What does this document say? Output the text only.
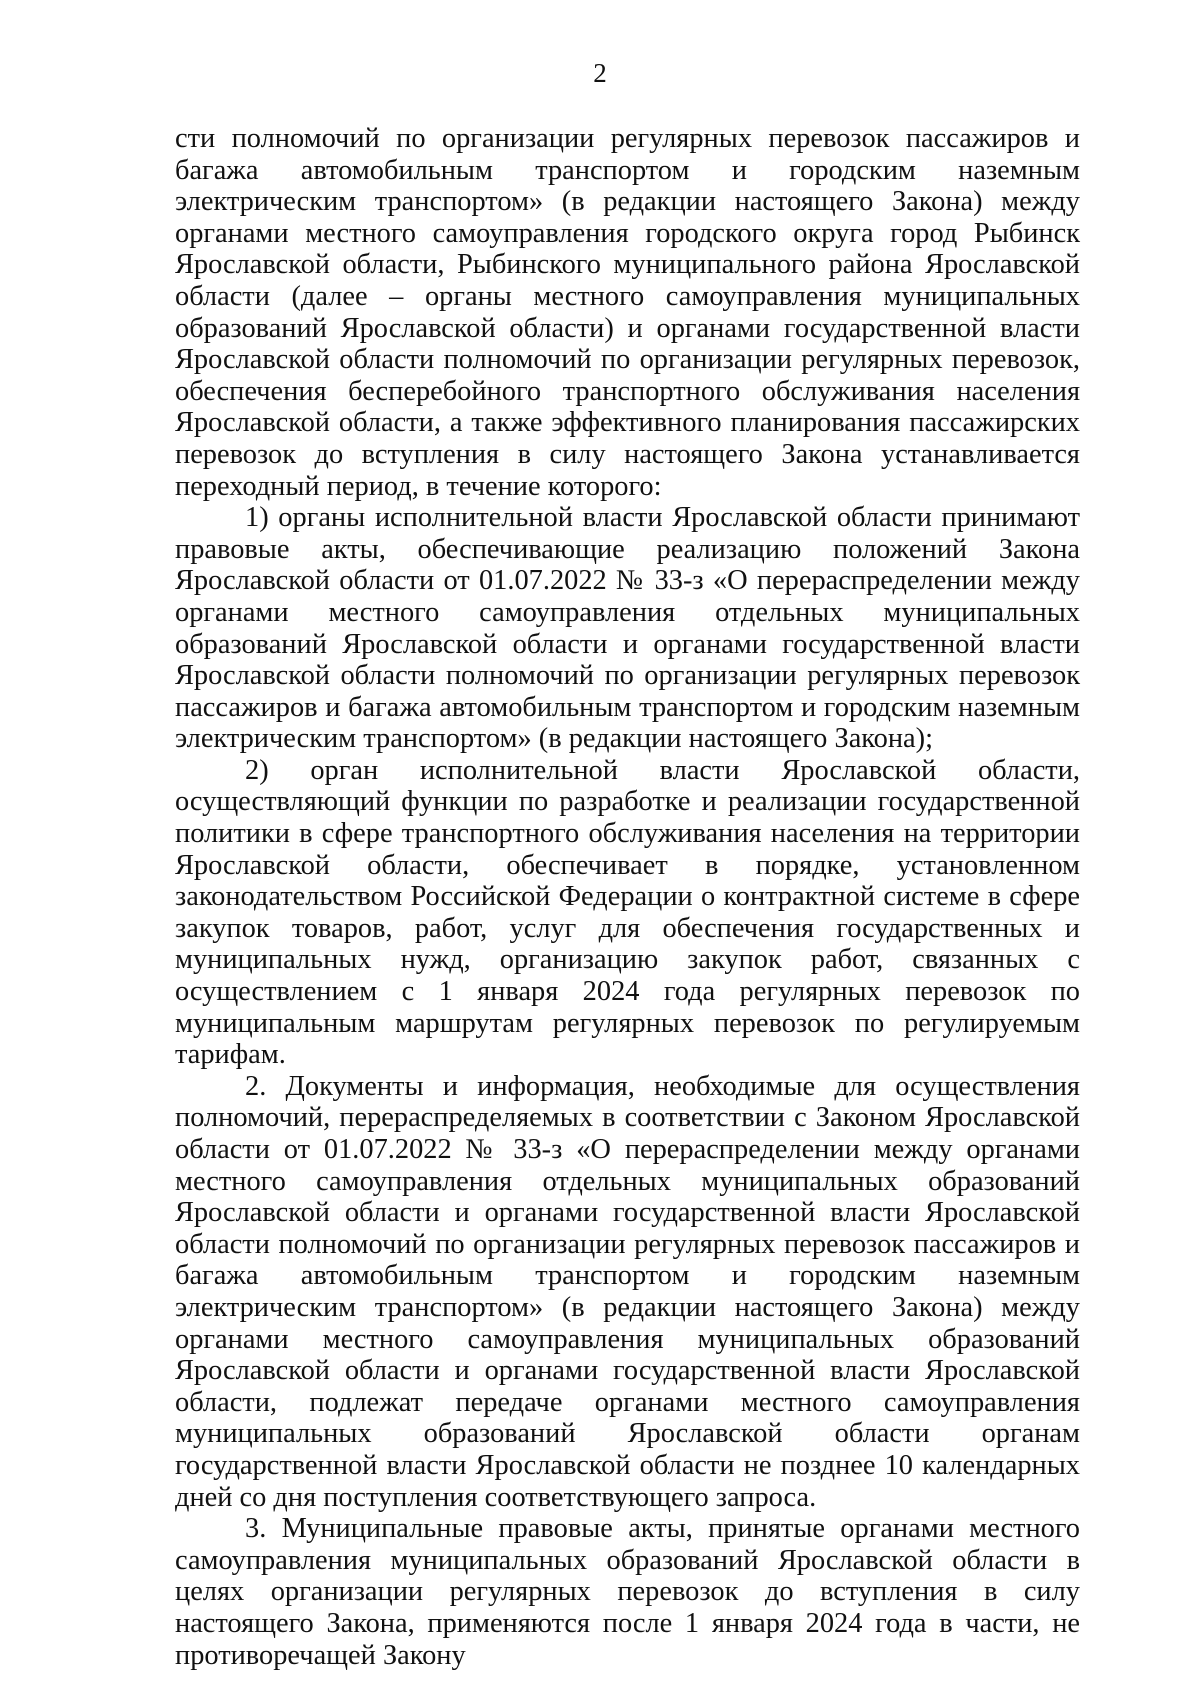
2

сти полномочий по организации регулярных перевозок пассажиров и багажа автомобильным транспортом и городским наземным электрическим транспортом» (в редакции настоящего Закона) между органами местного самоуправления городского округа город Рыбинск Ярославской области, Рыбинского муниципального района Ярославской области (далее – органы местного самоуправления муниципальных образований Ярославской области) и органами государственной власти Ярославской области полномочий по организации регулярных перевозок, обеспечения бесперебойного транспортного обслуживания населения Ярославской области, а также эффективного планирования пассажирских перевозок до вступления в силу настоящего Закона устанавливается переходный период, в течение которого:

1) органы исполнительной власти Ярославской области принимают правовые акты, обеспечивающие реализацию положений Закона Ярославской области от 01.07.2022 № 33-з «О перераспределении между органами местного самоуправления отдельных муниципальных образований Ярославской области и органами государственной власти Ярославской области полномочий по организации регулярных перевозок пассажиров и багажа автомобильным транспортом и городским наземным электрическим транспортом» (в редакции настоящего Закона);

2) орган исполнительной власти Ярославской области, осуществляющий функции по разработке и реализации государственной политики в сфере транспортного обслуживания населения на территории Ярославской области, обеспечивает в порядке, установленном законодательством Российской Федерации о контрактной системе в сфере закупок товаров, работ, услуг для обеспечения государственных и муниципальных нужд, организацию закупок работ, связанных с осуществлением с 1 января 2024 года регулярных перевозок по муниципальным маршрутам регулярных перевозок по регулируемым тарифам.

2. Документы и информация, необходимые для осуществления полномочий, перераспределяемых в соответствии с Законом Ярославской области от 01.07.2022 № 33-з «О перераспределении между органами местного самоуправления отдельных муниципальных образований Ярославской области и органами государственной власти Ярославской области полномочий по организации регулярных перевозок пассажиров и багажа автомобильным транспортом и городским наземным электрическим транспортом» (в редакции настоящего Закона) между органами местного самоуправления муниципальных образований Ярославской области и органами государственной власти Ярославской области, подлежат передаче органами местного самоуправления муниципальных образований Ярославской области органам государственной власти Ярославской области не позднее 10 календарных дней со дня поступления соответствующего запроса.

3. Муниципальные правовые акты, принятые органами местного самоуправления муниципальных образований Ярославской области в целях организации регулярных перевозок до вступления в силу настоящего Закона, применяются после 1 января 2024 года в части, не противоречащей Закону
